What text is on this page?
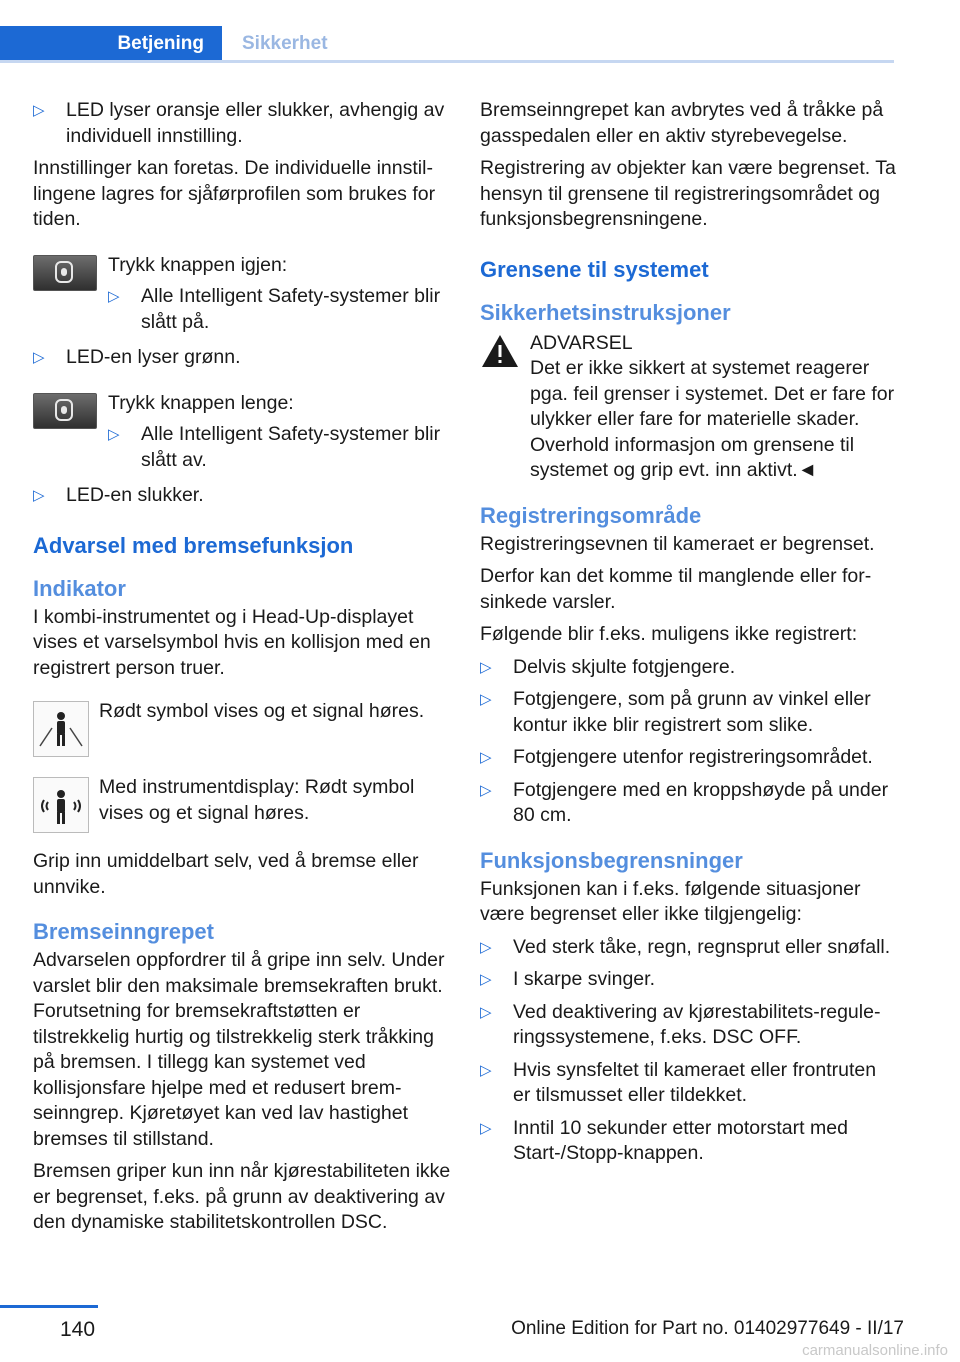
Betjening	Sikkerhet
▷ LED lyser oransje eller slukker, avhengig av individuell innstilling.

Innstillinger kan foretas. De individuelle innstillingene lagres for sjåførprofilen som brukes for tiden.

Trykk knappen igjen:

▷ Alle Intelligent Safety-systemer blir slått på.
▷ LED-en lyser grønn.

Trykk knappen lenge:

▷ Alle Intelligent Safety-systemer blir slått av.
▷ LED-en slukker.
Advarsel med bremsefunksjon
Indikator

I kombi-instrumentet og i Head-Up-displayet vises et varselsymbol hvis en kollisjon med en registrert person truer.

Rødt symbol vises og et signal høres.

Med instrumentdisplay: Rødt symbol vises og et signal høres.

Grip inn umiddelbart selv, ved å bremse eller unnvike.

Bremseinngrepet

Advarselen oppfordrer til å gripe inn selv. Under varslet blir den maksimale bremsekraften brukt. Forutsetning for bremsekraftstøtten er tilstrekkelig hurtig og tilstrekkelig sterk tråkking på bremsen. I tillegg kan systemet ved kollisjonsfare hjelpe med et redusert bremseinngrep. Kjøretøyet kan ved lav hastighet bremses til stillstand.

Bremsen griper kun inn når kjørestabiliteten ikke er begrenset, f.eks. på grunn av deaktivering av den dynamiske stabilitetskontrollen DSC.

Bremseinngrepet kan avbrytes ved å tråkke på gasspedalen eller en aktiv styrebevegelse.

Registrering av objekter kan være begrenset. Ta hensyn til grensene til registreringsområdet og funksjonsbegrensningene.

Grensene til systemet
Sikkerhetsinstruksjoner
ADVARSEL
Det er ikke sikkert at systemet reagerer pga. feil grenser i systemet. Det er fare for ulykker eller fare for materielle skader. Overhold informasjon om grensene til systemet og grip evt. inn aktivt.◄
Registreringsområde

Registreringsevnen til kameraet er begrenset.

Derfor kan det komme til manglende eller forsinkede varsler.

Følgende blir f.eks. muligens ikke registrert:

▷ Delvis skjulte fotgjengere.
▷ Fotgjengere, som på grunn av vinkel eller kontur ikke blir registrert som slike.
▷ Fotgjengere utenfor registreringsområdet.
▷ Fotgjengere med en kroppshøyde på under 80 cm.
Funksjonsbegrensninger

Funksjonen kan i f.eks. følgende situasjoner være begrenset eller ikke tilgjengelig:

▷ Ved sterk tåke, regn, regnsprut eller snøfall.
▷ I skarpe svinger.
▷ Ved deaktivering av kjørestabilitets-reguleringssystemene, f.eks. DSC OFF.
▷ Hvis synsfeltet til kameraet eller frontruten er tilsmusset eller tildekket.
▷ Inntil 10 sekunder etter motorstart med Start-/Stopp-knappen.
140	Online Edition for Part no. 01402977649 - II/17
carmanualsonline.info
